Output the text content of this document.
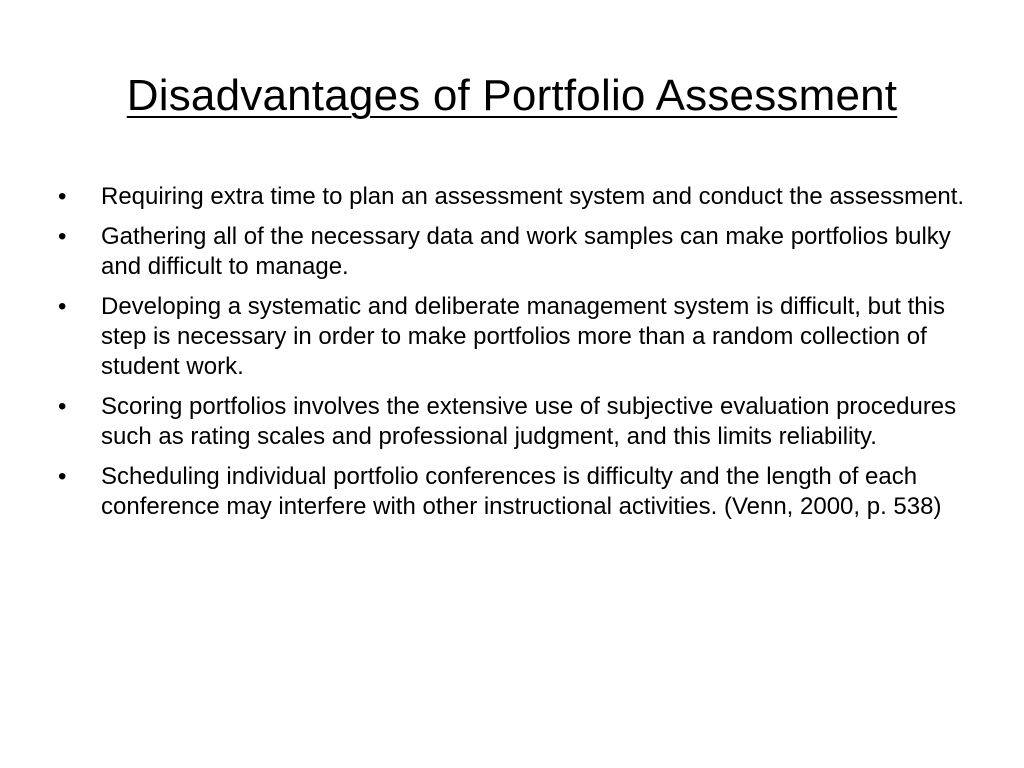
Disadvantages of Portfolio Assessment
•	Requiring extra time to plan an assessment system and conduct the assessment.
•	Gathering all of the necessary data and work samples can make portfolios bulky and difficult to manage.
•	Developing a systematic and deliberate management system is difficult, but this step is necessary in order to make portfolios more than a random collection of student work.
•	Scoring portfolios involves the extensive use of subjective evaluation procedures such as rating scales and professional judgment, and this limits reliability.
•	Scheduling individual portfolio conferences is difficulty and the length of each conference may interfere with other instructional activities. (Venn, 2000, p. 538)
